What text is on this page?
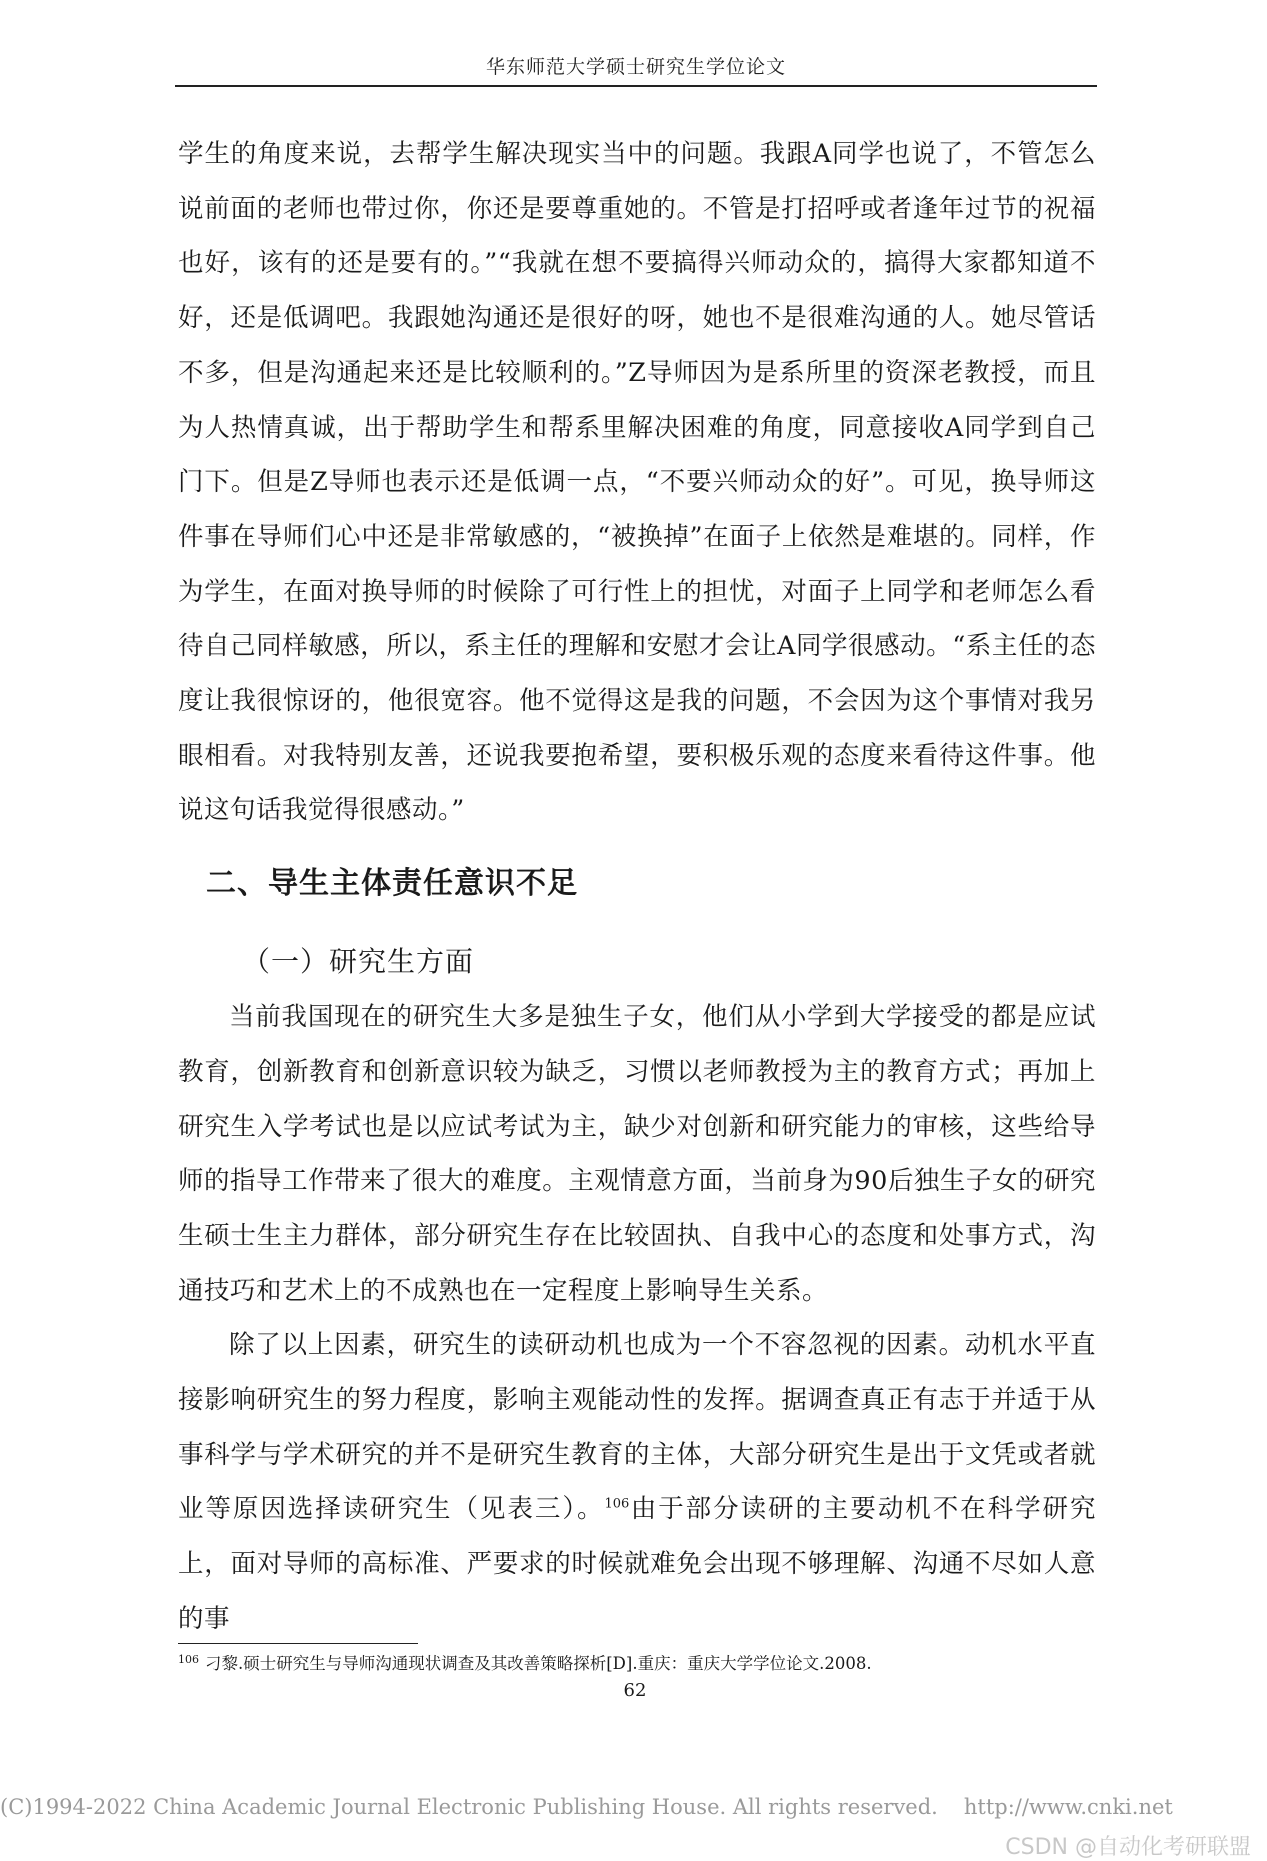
华东师范大学硕士研究生学位论文

学生的角度来说，去帮学生解决现实当中的问题。我跟A同学也说了，不管怎么说前面的老师也带过你，你还是要尊重她的。不管是打招呼或者逢年过节的祝福也好，该有的还是要有的。”“我就在想不要搞得兴师动众的，搞得大家都知道不好，还是低调吧。我跟她沟通还是很好的呀，她也不是很难沟通的人。她尽管话不多，但是沟通起来还是比较顺利的。”Z导师因为是系所里的资深老教授，而且为人热情真诚，出于帮助学生和帮系里解决困难的角度，同意接收A同学到自己门下。但是Z导师也表示还是低调一点，“不要兴师动众的好”。可见，换导师这件事在导师们心中还是非常敏感的，“被换掉”在面子上依然是难堪的。同样，作为学生，在面对换导师的时候除了可行性上的担忧，对面子上同学和老师怎么看待自己同样敏感，所以，系主任的理解和安慰才会让A同学很感动。“系主任的态度让我很惊讶的，他很宽容。他不觉得这是我的问题，不会因为这个事情对我另眼相看。对我特别友善，还说我要抱希望，要积极乐观的态度来看待这件事。他说这句话我觉得很感动。”

二、导生主体责任意识不足
（一）研究生方面

当前我国现在的研究生大多是独生子女，他们从小学到大学接受的都是应试教育，创新教育和创新意识较为缺乏，习惯以老师教授为主的教育方式；再加上研究生入学考试也是以应试考试为主，缺少对创新和研究能力的审核，这些给导师的指导工作带来了很大的难度。主观情意方面，当前身为90后独生子女的研究生硕士生主力群体，部分研究生存在比较固执、自我中心的态度和处事方式，沟通技巧和艺术上的不成熟也在一定程度上影响导生关系。

除了以上因素，研究生的读研动机也成为一个不容忽视的因素。动机水平直接影响研究生的努力程度，影响主观能动性的发挥。据调查真正有志于并适于从事科学与学术研究的并不是研究生教育的主体，大部分研究生是出于文凭或者就业等原因选择读研究生（见表三）。$^{106}$由于部分读研的主要动机不在科学研究上，面对导师的高标准、严要求的时候就难免会出现不够理解、沟通不尽如人意的事

$^{106}$ 刁黎.硕士研究生与导师沟通现状调查及其改善策略探析[D].重庆：重庆大学学位论文.2008.
62
(C)1994-2022 China Academic Journal Electronic Publishing House. All rights reserved. http://www.cnki.net
CSDN @自动化考研联盟
